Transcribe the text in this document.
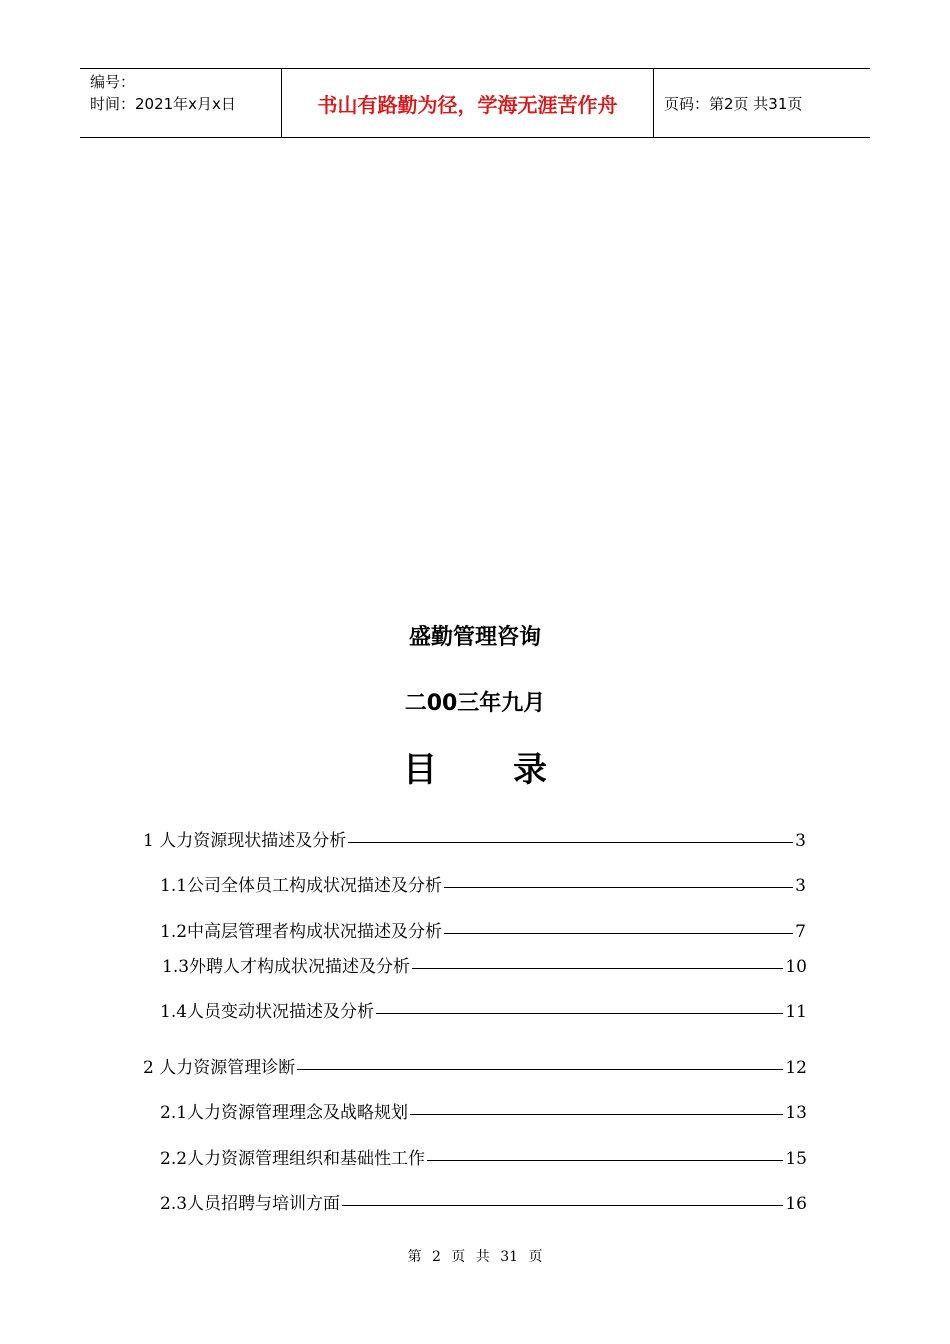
编号：
时间：2021年x月x日	书山有路勤为径，学海无涯苦作舟	页码：第2页 共31页
盛勤管理咨询
二00三年九月
目录
1 人力资源现状描述及分析	3
1.1公司全体员工构成状况描述及分析	3
1.2中高层管理者构成状况描述及分析	7
1.3外聘人才构成状况描述及分析	10
1.4人员变动状况描述及分析	11
2 人力资源管理诊断	12
2.1人力资源管理理念及战略规划	13
2.2人力资源管理组织和基础性工作	15
2.3人员招聘与培训方面	16
第 2 页 共 31 页
